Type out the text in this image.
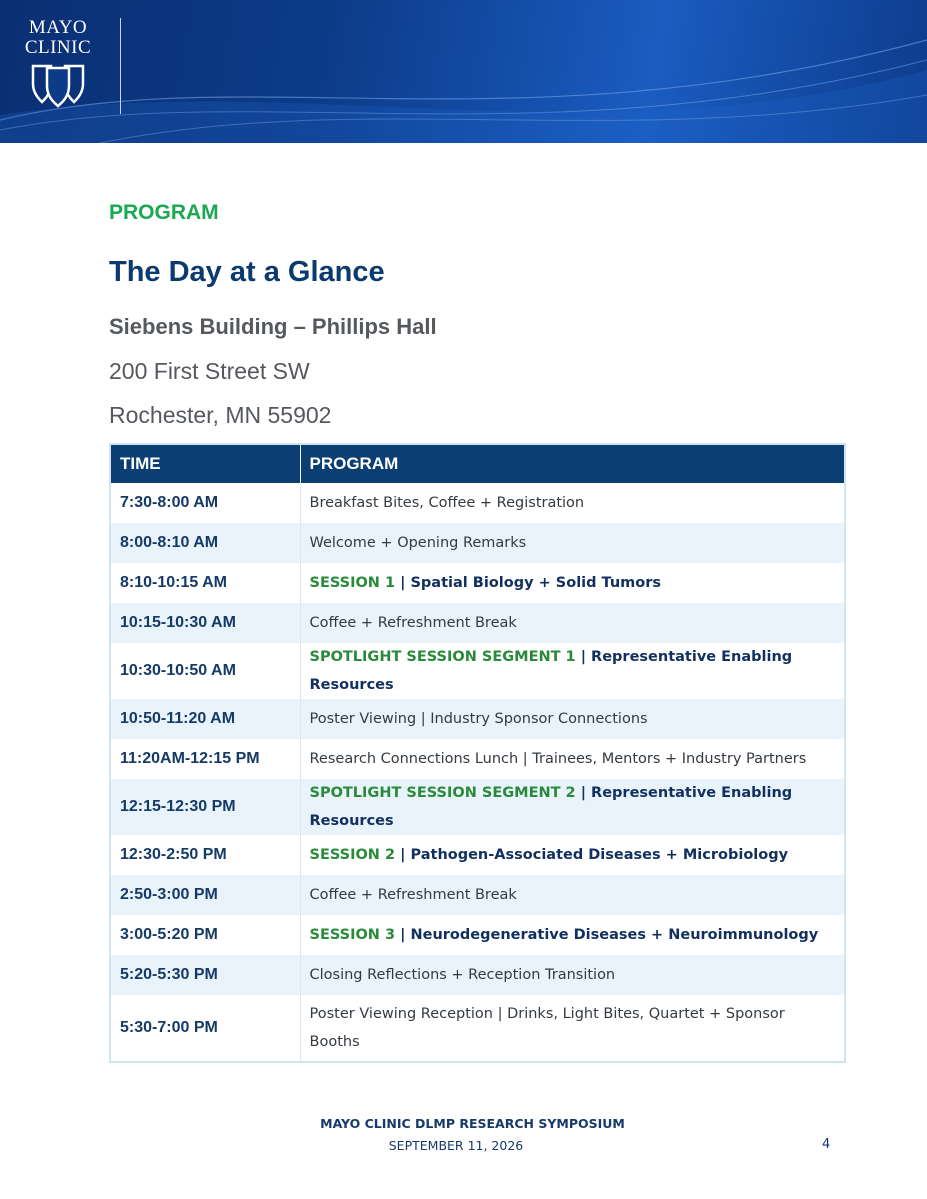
MAYO
CLINIC
PROGRAM
The Day at a Glance
Siebens Building – Phillips Hall
200 First Street SW
Rochester, MN 55902
TIME	PROGRAM
7:30-8:00 AM	Breakfast Bites, Coffee + Registration
8:00-8:10 AM	Welcome + Opening Remarks
8:10-10:15 AM	SESSION 1 | Spatial Biology + Solid Tumors
10:15-10:30 AM	Coffee + Refreshment Break
10:30-10:50 AM	SPOTLIGHT SESSION SEGMENT 1 | Representative Enabling Resources
10:50-11:20 AM	Poster Viewing | Industry Sponsor Connections
11:20AM-12:15 PM	Research Connections Lunch | Trainees, Mentors + Industry Partners
12:15-12:30 PM	SPOTLIGHT SESSION SEGMENT 2 | Representative Enabling Resources
12:30-2:50 PM	SESSION 2 | Pathogen-Associated Diseases + Microbiology
2:50-3:00 PM	Coffee + Refreshment Break
3:00-5:20 PM	SESSION 3 | Neurodegenerative Diseases + Neuroimmunology
5:20-5:30 PM	Closing Reflections + Reception Transition
5:30-7:00 PM	Poster Viewing Reception | Drinks, Light Bites, Quartet + Sponsor Booths
MAYO CLINIC DLMP RESEARCH SYMPOSIUM
SEPTEMBER 11, 2026	4
